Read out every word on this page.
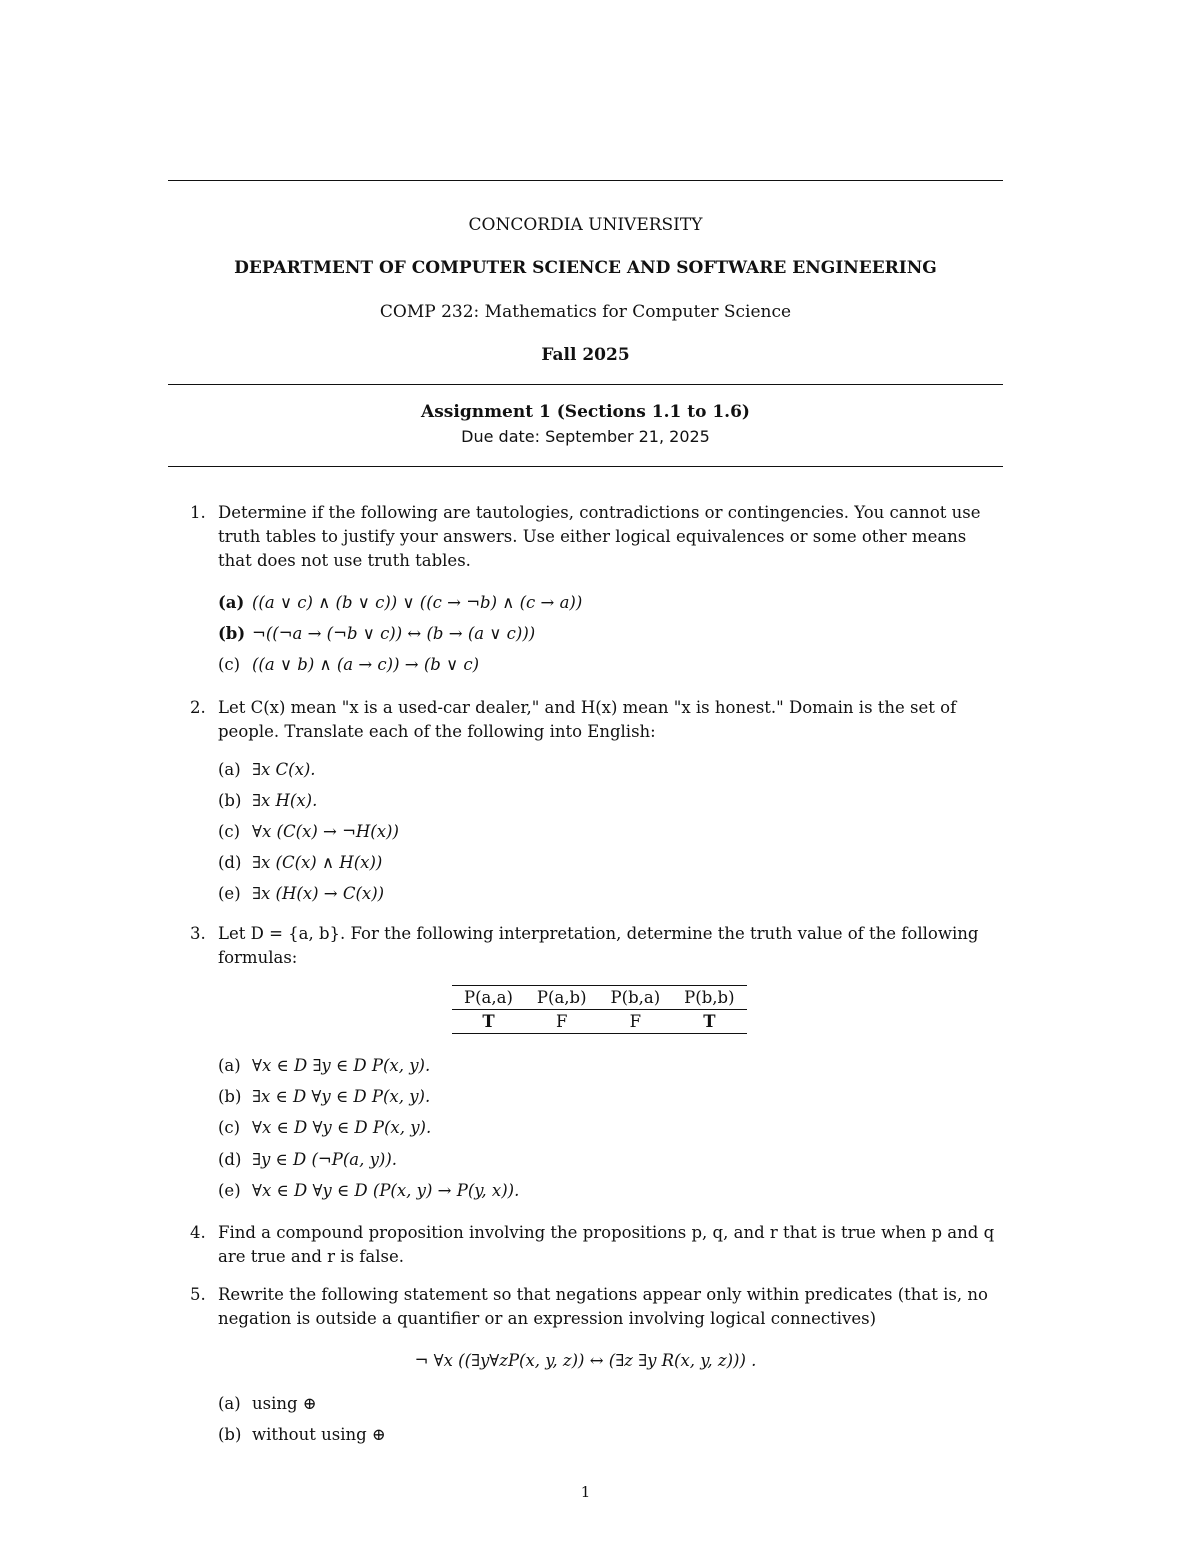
CONCORDIA UNIVERSITY
DEPARTMENT OF COMPUTER SCIENCE AND SOFTWARE ENGINEERING
COMP 232: Mathematics for Computer Science
Fall 2025
Assignment 1 (Sections 1.1 to 1.6)
Due date: September 21, 2025
1. Determine if the following are tautologies, contradictions or contingencies. You cannot use truth tables to justify your answers. Use either logical equivalences or some other means that does not use truth tables.
(a) ((a ∨ c) ∧ (b ∨ c)) ∨ ((c → ¬b) ∧ (c → a))
(b) ¬((¬a → (¬b ∨ c)) ↔ (b → (a ∨ c)))
(c) ((a ∨ b) ∧ (a → c)) → (b ∨ c)
2. Let C(x) mean "x is a used-car dealer," and H(x) mean "x is honest." Domain is the set of people. Translate each of the following into English:
(a) ∃x C(x).
(b) ∃x H(x).
(c) ∀x (C(x) → ¬H(x))
(d) ∃x (C(x) ∧ H(x))
(e) ∃x (H(x) → C(x))
3. Let D = {a, b}. For the following interpretation, determine the truth value of the following formulas:
P(a,a)	P(a,b)	P(b,a)	P(b,b)
T	F	F	T
(a) ∀x ∈ D ∃y ∈ D P(x, y).
(b) ∃x ∈ D ∀y ∈ D P(x, y).
(c) ∀x ∈ D ∀y ∈ D P(x, y).
(d) ∃y ∈ D (¬P(a, y)).
(e) ∀x ∈ D ∀y ∈ D (P(x, y) → P(y, x)).
4. Find a compound proposition involving the propositions p, q, and r that is true when p and q are true and r is false.
5. Rewrite the following statement so that negations appear only within predicates (that is, no negation is outside a quantifier or an expression involving logical connectives)
¬ ∀x ((∃y∀zP(x, y, z)) ↔ (∃z ∃y R(x, y, z))) .
(a) using ⊕
(b) without using ⊕
1
